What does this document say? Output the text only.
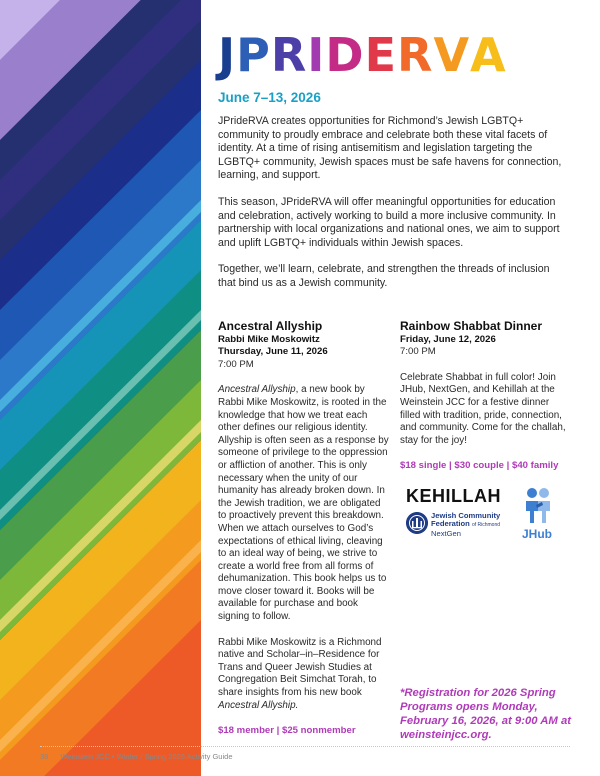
JPRIDERVA
June 7–13, 2026

JPrideRVA creates opportunities for Richmond’s Jewish LGBTQ+ community to proudly embrace and celebrate both these vital facets of identity. At a time of rising antisemitism and legislation targeting the LGBTQ+ community, Jewish spaces must be safe havens for connection, learning, and support.

This season, JPrideRVA will offer meaningful opportunities for education and celebration, actively working to build a more inclusive community. In partnership with local organizations and national ones, we aim to support and uplift LGBTQ+ individuals within Jewish spaces.

Together, we’ll learn, celebrate, and strengthen the threads of inclusion that bind us as a Jewish community.

Ancestral Allyship
Rabbi Mike Moskowitz
Thursday, June 11, 2026
7:00 PM

Ancestral Allyship, a new book by Rabbi Mike Moskowitz, is rooted in the knowledge that how we treat each other defines our religious identity. Allyship is often seen as a response by someone of privilege to the oppression or affliction of another. This is only necessary when the unity of our humanity has already broken down. In the Jewish tradition, we are obligated to proactively prevent this breakdown. When we attach ourselves to God’s expectations of ethical living, cleaving to an ideal way of being, we strive to create a world free from all forms of dehumanization. This book helps us to move closer toward it. Books will be available for purchase and book signing to follow.

Rabbi Mike Moskowitz is a Richmond native and Scholar–in–Residence for Trans and Queer Jewish Studies at Congregation Beit Simchat Torah, to share insights from his new book Ancestral Allyship.

$18 member | $25 nonmember
Rainbow Shabbat Dinner
Friday, June 12, 2026
7:00 PM

Celebrate Shabbat in full color! Join JHub, NextGen, and Kehillah at the Weinstein JCC for a festive dinner filled with tradition, pride, connection, and community. Come for the challah, stay for the joy!

$18 single | $30 couple | $40 family
KEHILLAH
Jewish Community
Federation of Richmond
NextGen	JHub
*Registration for 2026 Spring Programs opens Monday, February 16, 2026, at 9:00 AM at weinsteinjcc.org.
38 Weinstein JCC • Winter / Spring 2026 Activity Guide
